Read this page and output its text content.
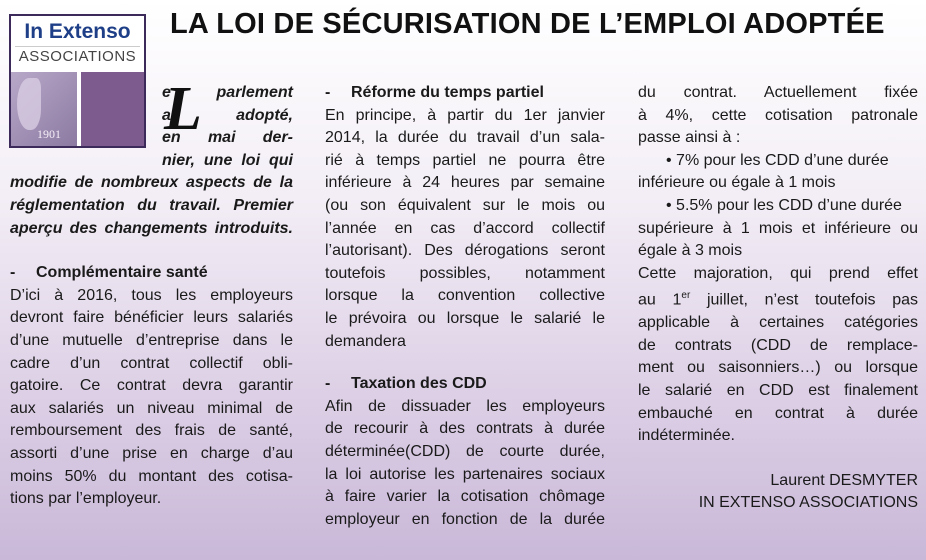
In Extenso
ASSOCIATIONS
1901
LA LOI DE SÉCURISATION DE L’EMPLOI ADOPTÉE
L

e parlement

a adopté,

en mai der-

nier, une loi qui

modifie de nombreux aspects de la

réglementation du travail. Premier

aperçu des changements introduits.

- Complémentaire santé

D’ici à 2016, tous les employeurs

devront faire bénéficier leurs salariés

d’une mutuelle d’entreprise dans le

cadre d’un contrat collectif obli-

gatoire. Ce contrat devra garantir

aux salariés un niveau minimal de

remboursement des frais de santé,

assorti d’une prise en charge d’au

moins 50% du montant des cotisa-

tions par l’employeur.

- Réforme du temps partiel

En principe, à partir du 1er janvier

2014, la durée du travail d’un sala-

rié à temps partiel ne pourra être

inférieure à 24 heures par semaine

(ou son équivalent sur le mois ou

l’année en cas d’accord collectif

l’autorisant). Des dérogations seront

toutefois possibles, notamment

lorsque la convention collective

le prévoira ou lorsque le salarié le

demandera

- Taxation des CDD

Afin de dissuader les employeurs

de recourir à des contrats à durée

déterminée(CDD) de courte durée,

la loi autorise les partenaires sociaux

à faire varier la cotisation chômage

employeur en fonction de la durée

du contrat. Actuellement fixée

à 4%, cette cotisation patronale

passe ainsi à :

• 7% pour les CDD d’une durée

inférieure ou égale à 1 mois

• 5.5% pour les CDD d’une durée

supérieure à 1 mois et inférieure ou

égale à 3 mois

Cette majoration, qui prend effet

au 1er juillet, n’est toutefois pas

applicable à certaines catégories

de contrats (CDD de remplace-

ment ou saisonniers…) ou lorsque

le salarié en CDD est finalement

embauché en contrat à durée

indéterminée.

Laurent DESMYTER

IN EXTENSO ASSOCIATIONS
